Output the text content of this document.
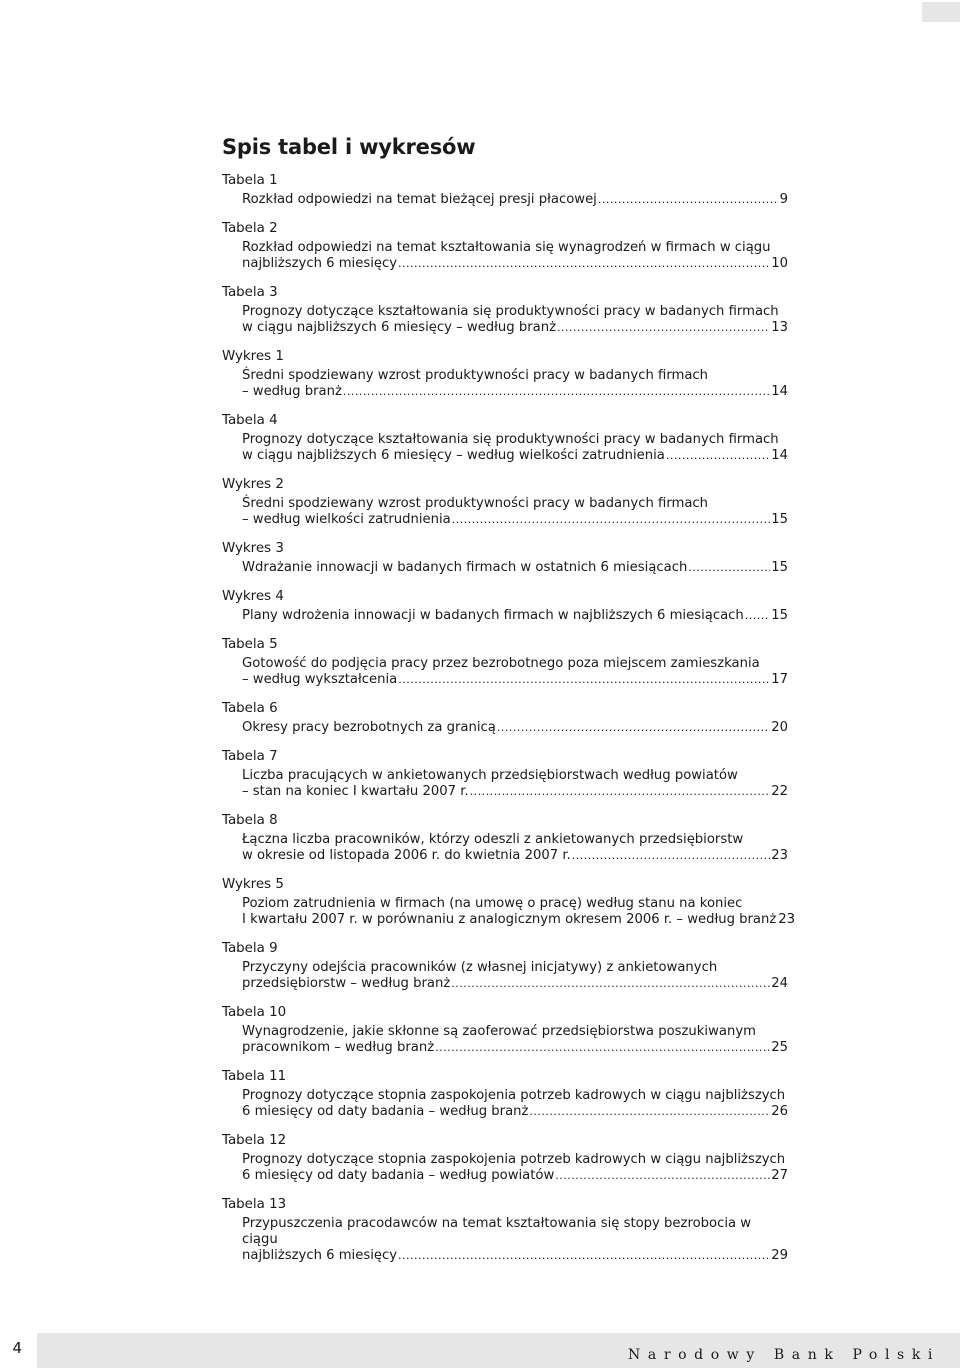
Spis tabel i wykresów
Tabela 1
Rozkład odpowiedzi na temat bieżącej presji płacowej .....	9
Tabela 2
Rozkład odpowiedzi na temat kształtowania się wynagrodzeń w firmach w ciągu
najbliższych 6 miesięcy .....	10
Tabela 3
Prognozy dotyczące kształtowania się produktywności pracy w badanych firmach
w ciągu najbliższych 6 miesięcy – według branż .....	13
Wykres 1
Średni spodziewany wzrost produktywności pracy w badanych firmach
– według branż .....	14
Tabela 4
Prognozy dotyczące kształtowania się produktywności pracy w badanych firmach
w ciągu najbliższych 6 miesięcy – według wielkości zatrudnienia .....	14
Wykres 2
Średni spodziewany wzrost produktywności pracy w badanych firmach
– według wielkości zatrudnienia .....	15
Wykres 3
Wdrażanie innowacji w badanych firmach w ostatnich 6 miesiącach .....	15
Wykres 4
Plany wdrożenia innowacji w badanych firmach w najbliższych 6 miesiącach ..... 15
Tabela 5
Gotowość do podjęcia pracy przez bezrobotnego poza miejscem zamieszkania
– według wykształcenia .....	17
Tabela 6
Okresy pracy bezrobotnych za granicą .....	20
Tabela 7
Liczba pracujących w ankietowanych przedsiębiorstwach według powiatów
– stan na koniec I kwartału 2007 r. .....	22
Tabela 8
Łączna liczba pracowników, którzy odeszli z ankietowanych przedsiębiorstw
w okresie od listopada 2006 r. do kwietnia 2007 r. .....	23
Wykres 5
Poziom zatrudnienia w firmach (na umowę o pracę) według stanu na koniec
I kwartału 2007 r. w porównaniu z analogicznym okresem 2006 r. – według branż 23
Tabela 9
Przyczyny odejścia pracowników (z własnej inicjatywy) z ankietowanych
przedsiębiorstw – według branż .....	24
Tabela 10
Wynagrodzenie, jakie skłonne są zaoferować przedsiębiorstwa poszukiwanym
pracownikom – według branż .....	25
Tabela 11
Prognozy dotyczące stopnia zaspokojenia potrzeb kadrowych w ciągu najbliższych
6 miesięcy od daty badania – według branż .....	26
Tabela 12
Prognozy dotyczące stopnia zaspokojenia potrzeb kadrowych w ciągu najbliższych
6 miesięcy od daty badania – według powiatów .....	27
Tabela 13
Przypuszczenia pracodawców na temat kształtowania się stopy bezrobocia w ciągu
najbliższych 6 miesięcy .....	29
4	Narodowy Bank Polski
